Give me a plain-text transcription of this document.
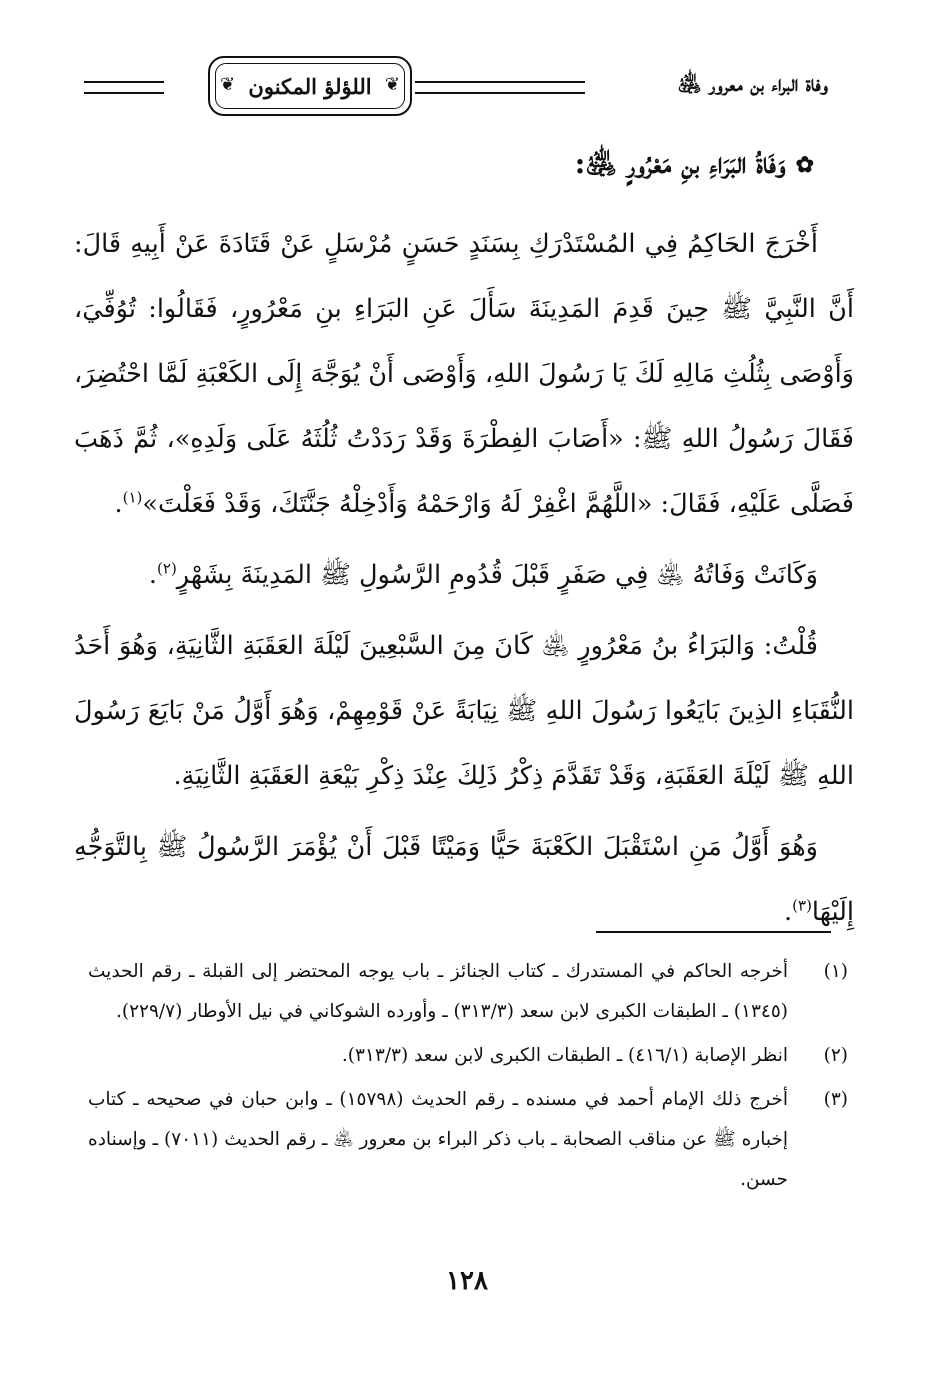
وفاة البراء بن معرور ﵁
❦
اللؤلؤ المكنون
❦
✿وَفَاةُ البَرَاءِ بنِ مَعْرُورٍ ﵁:

أَخْرَجَ الحَاكِمُ فِي المُسْتَدْرَكِ بِسَنَدٍ حَسَنٍ مُرْسَلٍ عَنْ قَتَادَةَ عَنْ أَبِيهِ قَالَ: أَنَّ النَّبِيَّ ﷺ حِينَ قَدِمَ المَدِينَةَ سَأَلَ عَنِ البَرَاءِ بنِ مَعْرُورٍ، فَقَالُوا: تُوُفِّيَ، وَأَوْصَى بِثُلُثِ مَالِهِ لَكَ يَا رَسُولَ اللهِ، وَأَوْصَى أَنْ يُوَجَّهَ إِلَى الكَعْبَةِ لَمَّا احْتُضِرَ، فَقَالَ رَسُولُ اللهِ ﷺ: «أَصَابَ الفِطْرَةَ وَقَدْ رَدَدْتُ ثُلُثَهُ عَلَى وَلَدِهِ»، ثُمَّ ذَهَبَ فَصَلَّى عَلَيْهِ، فَقَالَ: «اللَّهُمَّ اغْفِرْ لَهُ وَارْحَمْهُ وَأَدْخِلْهُ جَنَّتَكَ، وَقَدْ فَعَلْتَ»$^{(١)}$.

وَكَانَتْ وَفَاتُهُ ﵁ فِي صَفَرٍ قَبْلَ قُدُومِ الرَّسُولِ ﷺ المَدِينَةَ بِشَهْرٍ$^{(٢)}$.

قُلْتُ: وَالبَرَاءُ بنُ مَعْرُورٍ ﵁ كَانَ مِنَ السَّبْعِينَ لَيْلَةَ العَقَبَةِ الثَّانِيَةِ، وَهُوَ أَحَدُ النُّقَبَاءِ الذِينَ بَايَعُوا رَسُولَ اللهِ ﷺ نِيَابَةً عَنْ قَوْمِهِمْ، وَهُوَ أَوَّلُ مَنْ بَايَعَ رَسُولَ اللهِ ﷺ لَيْلَةَ العَقَبَةِ، وَقَدْ تَقَدَّمَ ذِكْرُ ذَلِكَ عِنْدَ ذِكْرِ بَيْعَةِ العَقَبَةِ الثَّانِيَةِ.

وَهُوَ أَوَّلُ مَنِ اسْتَقْبَلَ الكَعْبَةَ حَيًّا وَمَيْتًا قَبْلَ أَنْ يُؤْمَرَ الرَّسُولُ ﷺ بِالتَّوَجُّهِ إِلَيْهَا$^{(٣)}$.

(١)
أخرجه الحاكم في المستدرك ـ كتاب الجنائز ـ باب يوجه المحتضر إلى القبلة ـ رقم الحديث (١٣٤٥) ـ الطبقات الكبرى لابن سعد (٣١٣/٣) ـ وأورده الشوكاني في نيل الأوطار (٢٢٩/٧).
(٢)
انظر الإصابة (٤١٦/١) ـ الطبقات الكبرى لابن سعد (٣١٣/٣).
(٣)
أخرج ذلك الإمام أحمد في مسنده ـ رقم الحديث (١٥٧٩٨) ـ وابن حبان في صحيحه ـ كتاب إخباره ﷺ عن مناقب الصحابة ـ باب ذكر البراء بن معرور ﵁ ـ رقم الحديث (٧٠١١) ـ وإسناده حسن.
١٢٨
